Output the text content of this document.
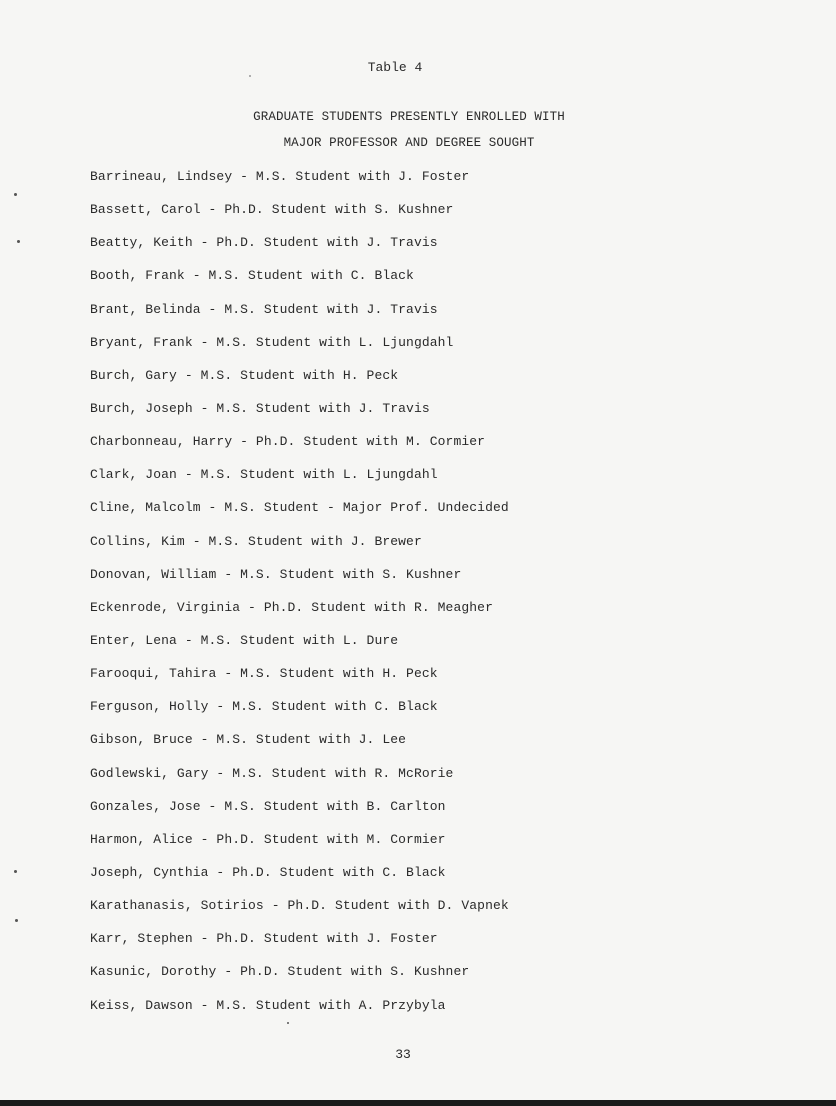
Table 4
GRADUATE STUDENTS PRESENTLY ENROLLED WITH
MAJOR PROFESSOR AND DEGREE SOUGHT
Barrineau, Lindsey - M.S. Student with J. Foster
Bassett, Carol - Ph.D. Student with S. Kushner
Beatty, Keith - Ph.D. Student with J. Travis
Booth, Frank - M.S. Student with C. Black
Brant, Belinda - M.S. Student with J. Travis
Bryant, Frank - M.S. Student with L. Ljungdahl
Burch, Gary - M.S. Student with H. Peck
Burch, Joseph - M.S. Student with J. Travis
Charbonneau, Harry - Ph.D. Student with M. Cormier
Clark, Joan - M.S. Student with L. Ljungdahl
Cline, Malcolm - M.S. Student - Major Prof. Undecided
Collins, Kim - M.S. Student with J. Brewer
Donovan, William - M.S. Student with S. Kushner
Eckenrode, Virginia - Ph.D. Student with R. Meagher
Enter, Lena - M.S. Student with L. Dure
Farooqui, Tahira - M.S. Student with H. Peck
Ferguson, Holly - M.S. Student with C. Black
Gibson, Bruce - M.S. Student with J. Lee
Godlewski, Gary - M.S. Student with R. McRorie
Gonzales, Jose - M.S. Student with B. Carlton
Harmon, Alice - Ph.D. Student with M. Cormier
Joseph, Cynthia - Ph.D. Student with C. Black
Karathanasis, Sotirios - Ph.D. Student with D. Vapnek
Karr, Stephen - Ph.D. Student with J. Foster
Kasunic, Dorothy - Ph.D. Student with S. Kushner
Keiss, Dawson - M.S. Student with A. Przybyla
33
